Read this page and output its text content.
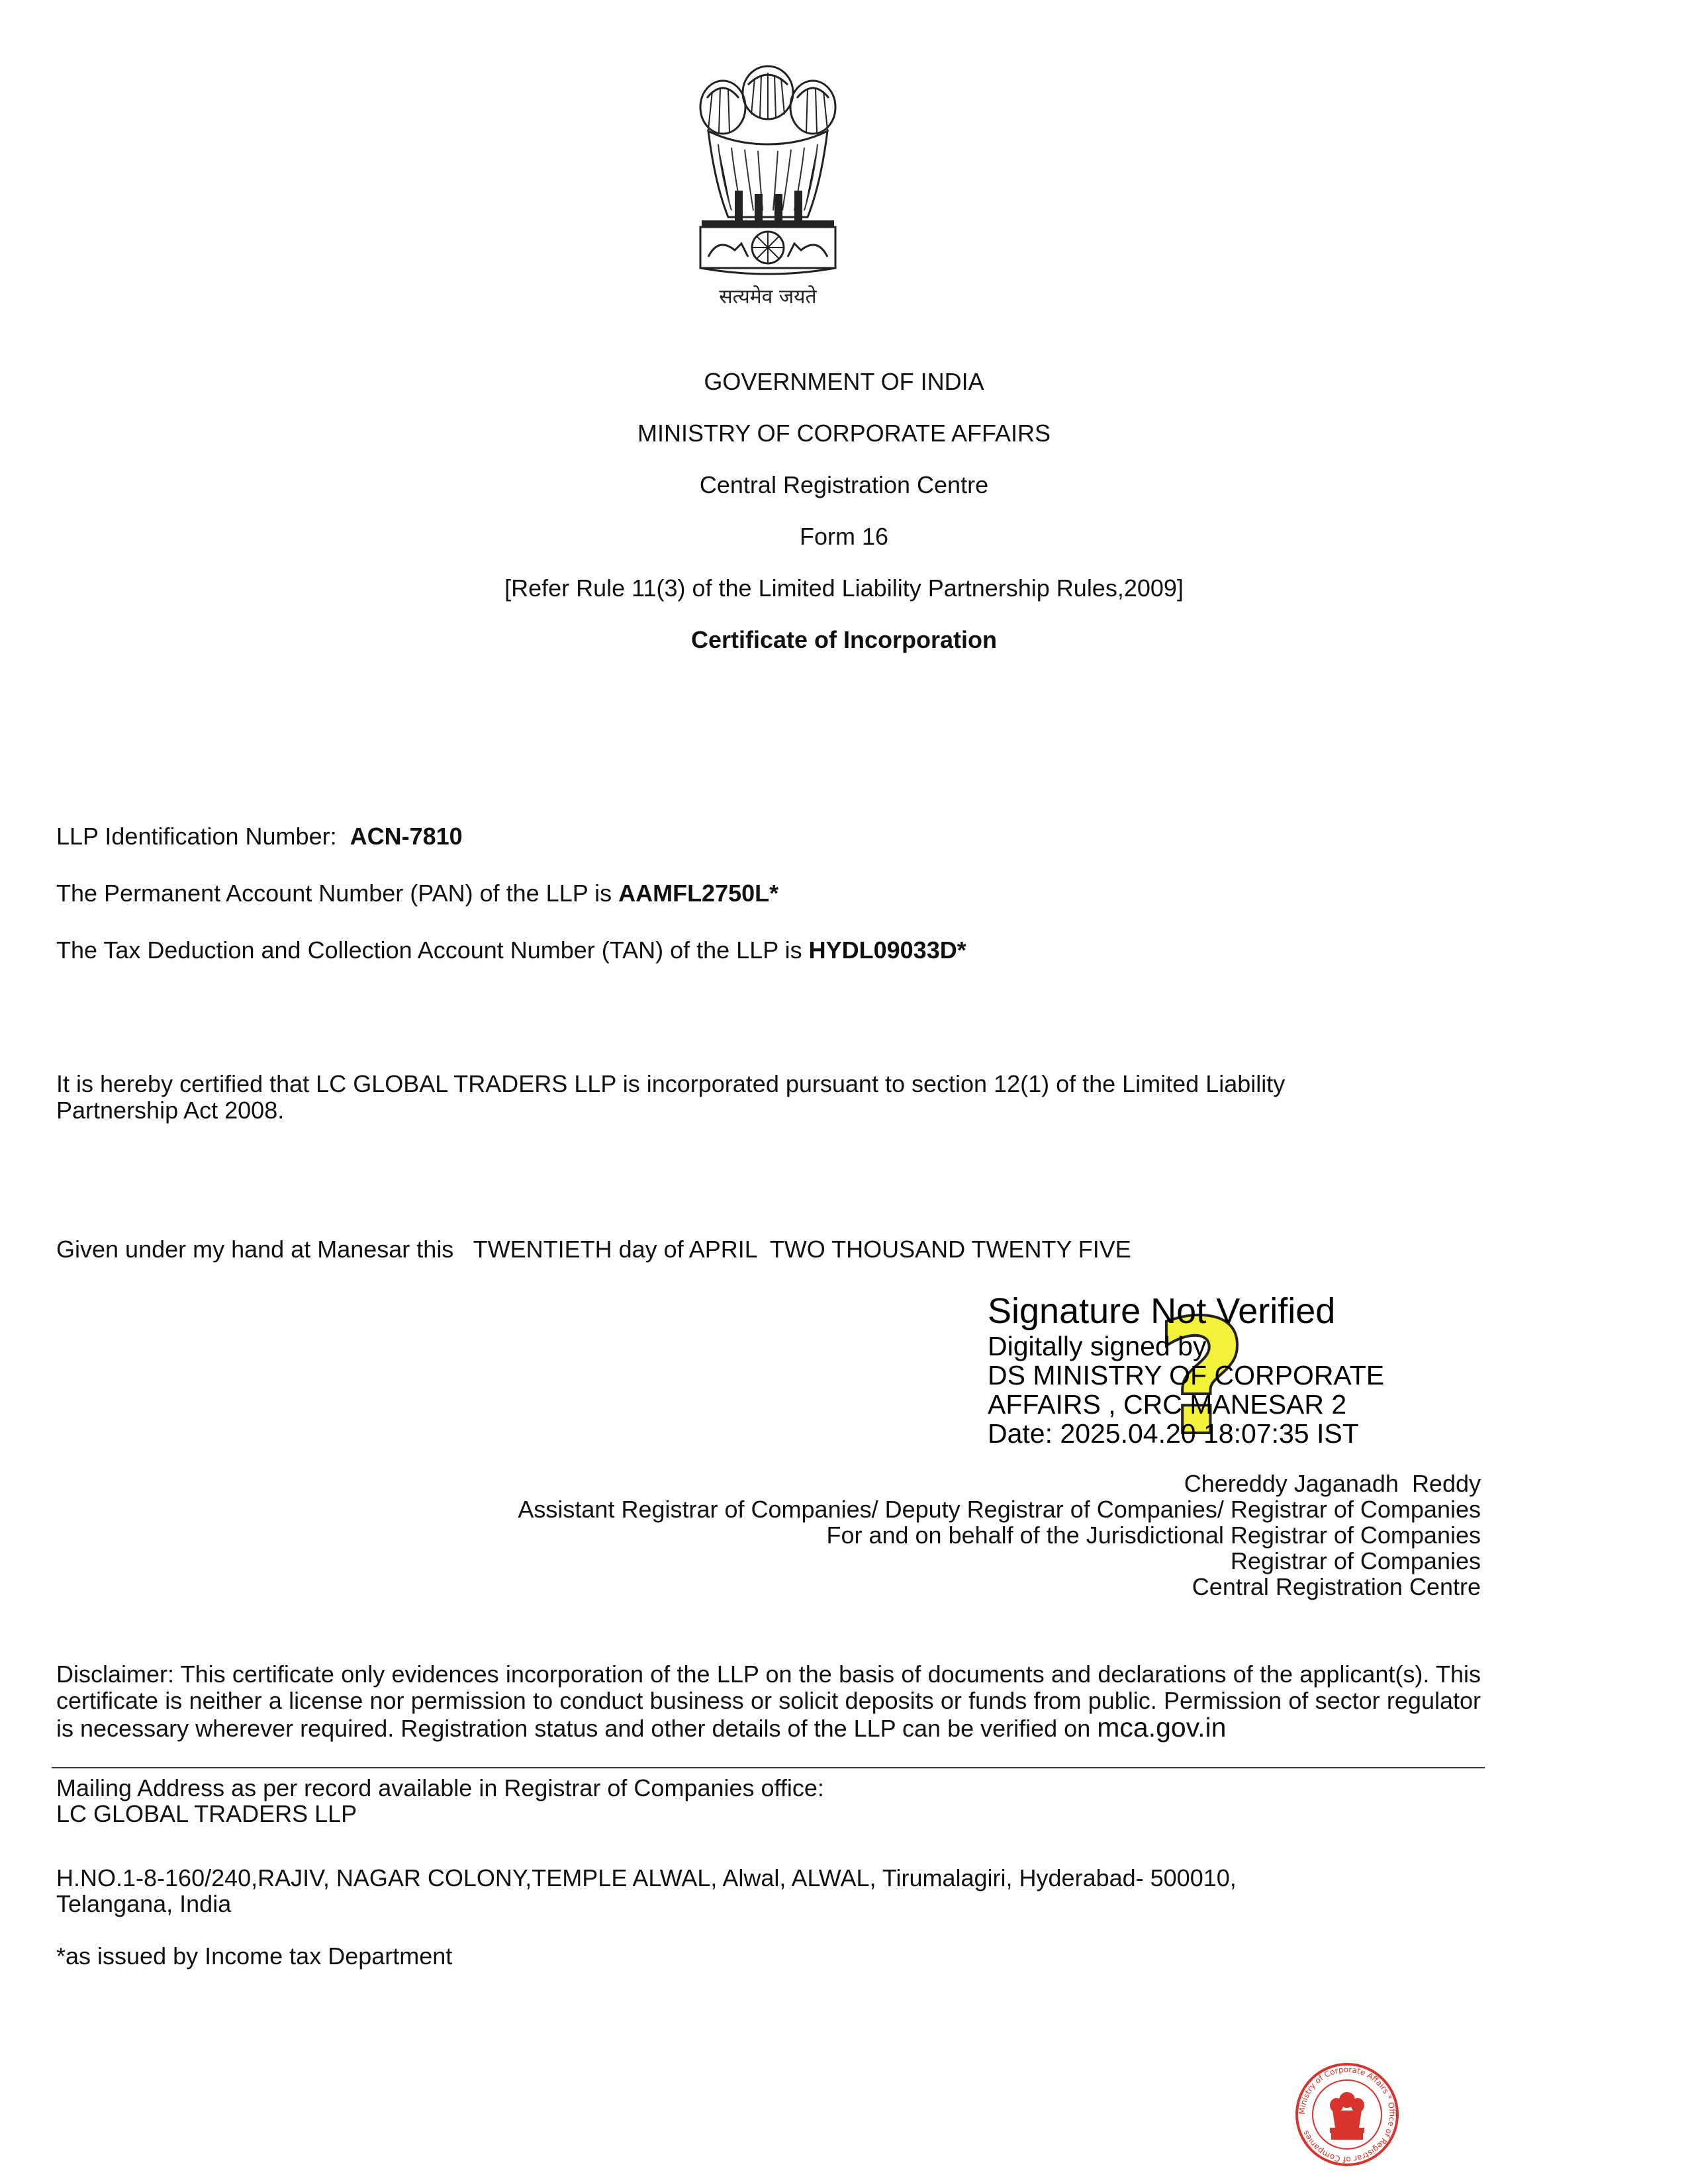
सत्यमेव जयते
GOVERNMENT OF INDIA
MINISTRY OF CORPORATE AFFAIRS
Central Registration Centre
Form 16
[Refer Rule 11(3) of the Limited Liability Partnership Rules,2009]
Certificate of Incorporation
LLP Identification Number: ACN-7810
The Permanent Account Number (PAN) of the LLP is AAMFL2750L*
The Tax Deduction and Collection Account Number (TAN) of the LLP is HYDL09033D*
It is hereby certified that LC GLOBAL TRADERS LLP is incorporated pursuant to section 12(1) of the Limited Liability
Partnership Act 2008.
Given under my hand at Manesar this   TWENTIETH day of APRIL  TWO THOUSAND TWENTY FIVE
?
Signature Not Verified
Digitally signed by
DS MINISTRY OF CORPORATE
AFFAIRS , CRC MANESAR 2
Date: 2025.04.20 18:07:35 IST
Chereddy Jaganadh  Reddy
Assistant Registrar of Companies/ Deputy Registrar of Companies/ Registrar of Companies
For and on behalf of the Jurisdictional Registrar of Companies
Registrar of Companies
Central Registration Centre
Disclaimer: This certificate only evidences incorporation of the LLP on the basis of documents and declarations of the applicant(s). This certificate is neither a license nor permission to conduct business or solicit deposits or funds from public. Permission of sector regulator is necessary wherever required. Registration status and other details of the LLP can be verified on mca.gov.in
Mailing Address as per record available in Registrar of Companies office:
LC GLOBAL TRADERS LLP
H.NO.1-8-160/240,RAJIV, NAGAR COLONY,TEMPLE ALWAL, Alwal, ALWAL, Tirumalagiri, Hyderabad- 500010,
Telangana, India
*as issued by Income tax Department
Ministry of Corporate Affairs * Office of Registrar of Companies
